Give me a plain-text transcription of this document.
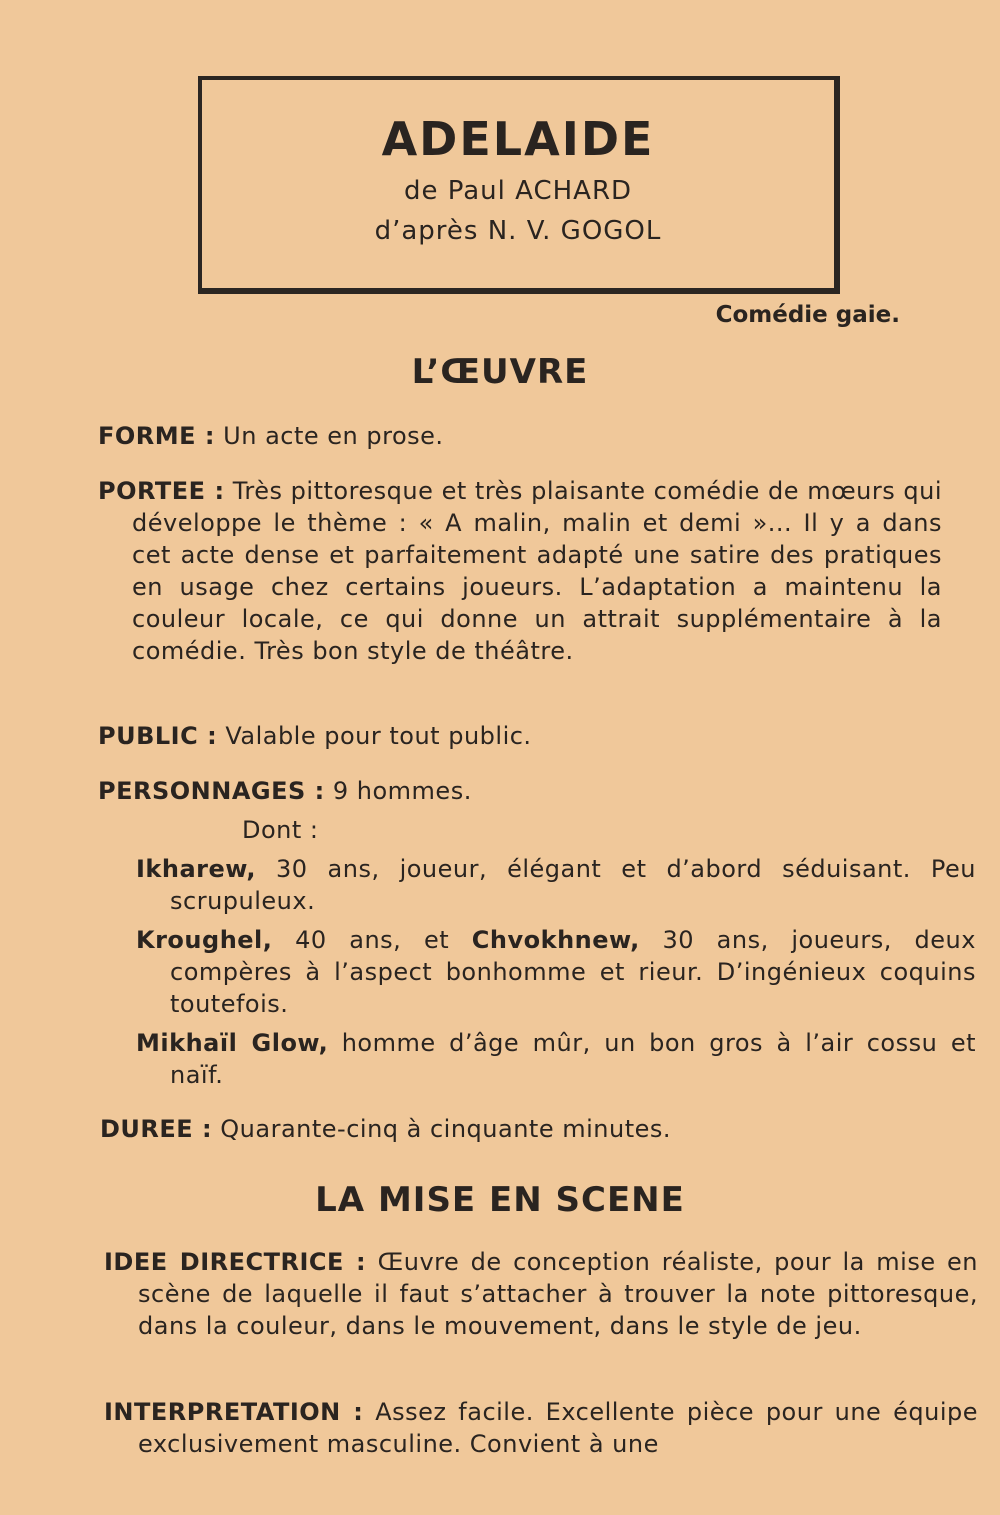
ADELAIDE
de Paul ACHARD
d’après N. V. GOGOL
Comédie gaie.
L’ŒUVRE
FORME : Un acte en prose.
PORTEE : Très pittoresque et très plaisante comédie de mœurs qui développe le thème : « A malin, malin et demi »... Il y a dans cet acte dense et parfaitement adapté une satire des pratiques en usage chez certains joueurs. L’adaptation a maintenu la couleur locale, ce qui donne un attrait supplémentaire à la comédie. Très bon style de théâtre.
PUBLIC : Valable pour tout public.
PERSONNAGES : 9 hommes.
Dont :
Ikharew, 30 ans, joueur, élégant et d’abord séduisant. Peu scrupuleux.
Kroughel, 40 ans, et Chvokhnew, 30 ans, joueurs, deux compères à l’aspect bonhomme et rieur. D’ingénieux coquins toutefois.
Mikhaïl Glow, homme d’âge mûr, un bon gros à l’air cossu et naïf.
DUREE : Quarante-cinq à cinquante minutes.
LA MISE EN SCENE
IDEE DIRECTRICE : Œuvre de conception réaliste, pour la mise en scène de laquelle il faut s’attacher à trouver la note pittoresque, dans la couleur, dans le mouvement, dans le style de jeu.
INTERPRETATION : Assez facile. Excellente pièce pour une équipe exclusivement masculine. Convient à une
